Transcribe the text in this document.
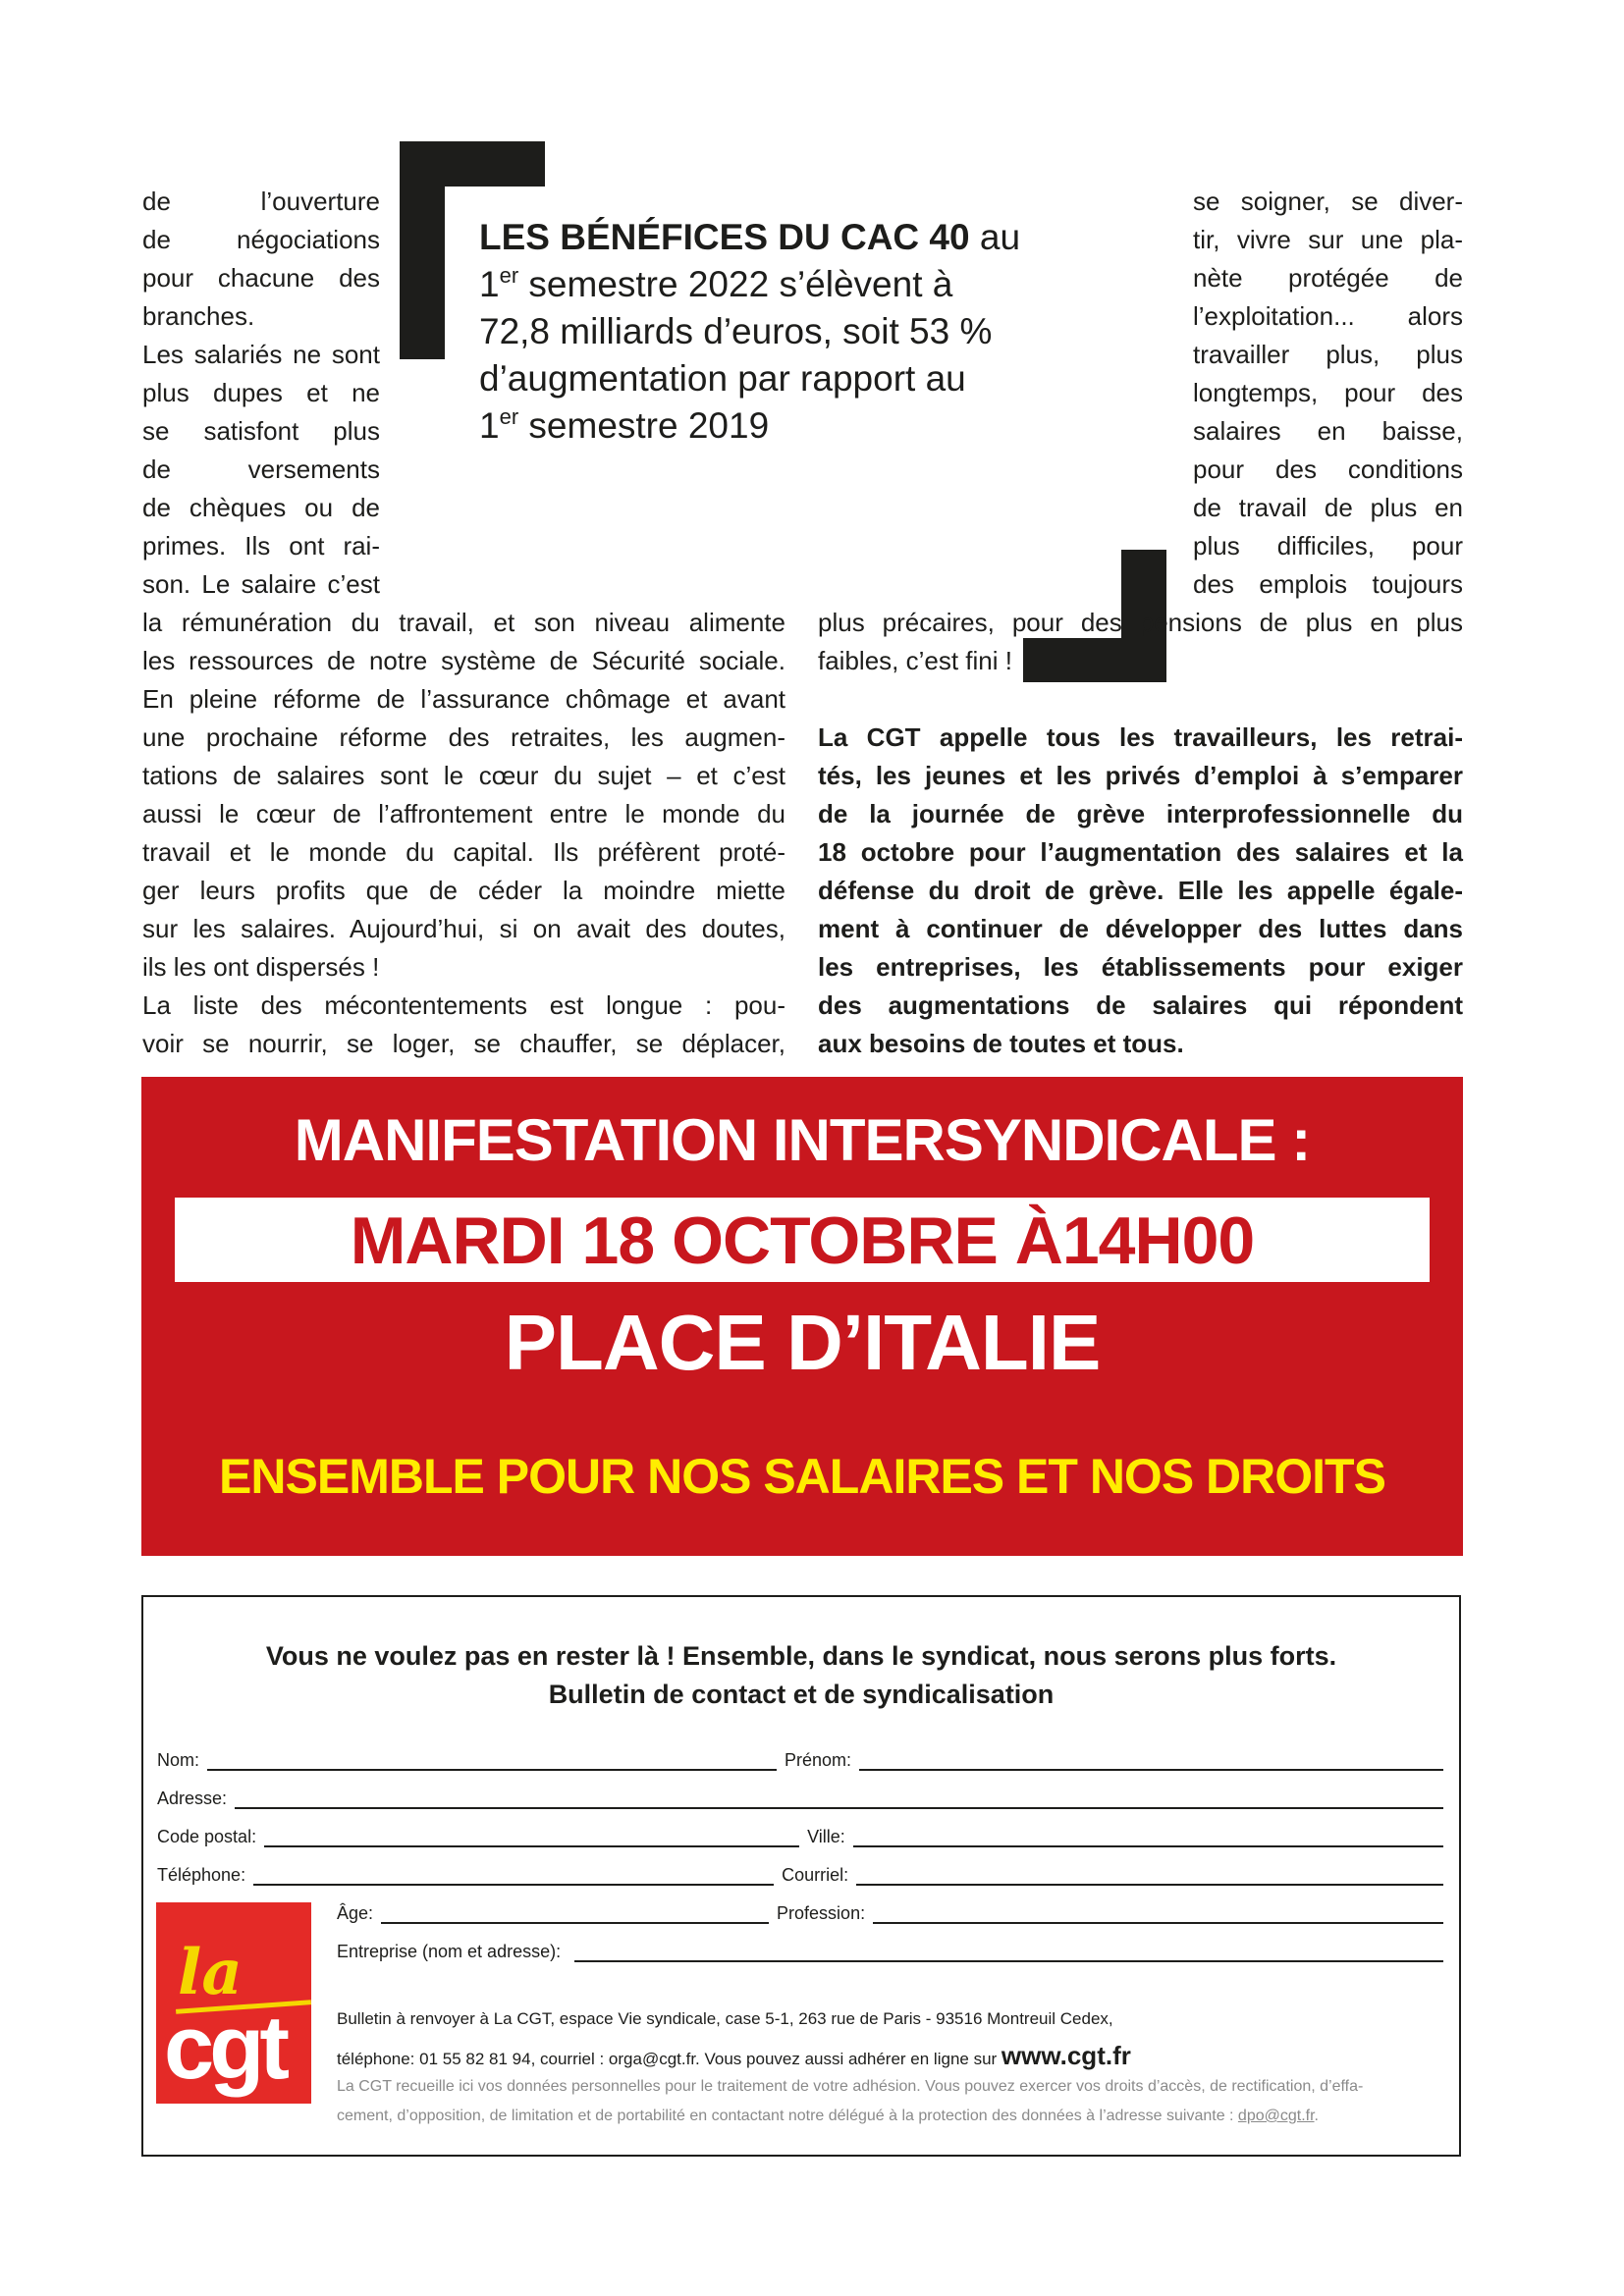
de l’ouverture
de négociations
pour chacune des
branches.
Les salariés ne sont
plus dupes et ne
se satisfont plus
de versements
de chèques ou de
primes. Ils ont rai-
son. Le salaire c’est
LES BÉNÉFICES DU CAC 40 au
1er semestre 2022 s’élèvent à
72,8 milliards d’euros, soit 53 %
d’augmentation par rapport au
1er semestre 2019
se soigner, se diver-
tir, vivre sur une pla-
nète protégée de
l’exploitation... alors
travailler plus, plus
longtemps, pour des
salaires en baisse,
pour des conditions
de travail de plus en
plus difficiles, pour
des emplois toujours
la rémunération du travail, et son niveau alimente
les ressources de notre système de Sécurité sociale.
En pleine réforme de l’assurance chômage et avant
une prochaine réforme des retraites, les augmen-
tations de salaires sont le cœur du sujet – et c’est
aussi le cœur de l’affrontement entre le monde du
travail et le monde du capital. Ils préfèrent proté-
ger leurs profits que de céder la moindre miette
sur les salaires. Aujourd’hui, si on avait des doutes,
ils les ont dispersés !
La liste des mécontentements est longue : pou-
voir se nourrir, se loger, se chauffer, se déplacer,
plus précaires, pour des pensions de plus en plus
faibles, c’est fini !
La CGT appelle tous les travailleurs, les retrai-
tés, les jeunes et les privés d’emploi à s’emparer
de la journée de grève interprofessionnelle du
18 octobre pour l’augmentation des salaires et la
défense du droit de grève. Elle les appelle égale-
ment à continuer de développer des luttes dans
les entreprises, les établissements pour exiger
des augmentations de salaires qui répondent
aux besoins de toutes et tous.
MANIFESTATION INTERSYNDICALE :
MARDI 18 OCTOBRE À14H00
PLACE D’ITALIE
ENSEMBLE POUR NOS SALAIRES ET NOS DROITS
Vous ne voulez pas en rester là ! Ensemble, dans le syndicat, nous serons plus forts.
Bulletin de contact et de syndicalisation
Nom:	Prénom:
Adresse:
Code postal:	Ville:
Téléphone:	Courriel:
la
cgt
Âge:	Profession:
Entreprise (nom et adresse):
Bulletin à renvoyer à La CGT, espace Vie syndicale, case 5-1, 263 rue de Paris - 93516 Montreuil Cedex,
téléphone: 01 55 82 81 94, courriel : orga@cgt.fr. Vous pouvez aussi adhérer en ligne sur www.cgt.fr
La CGT recueille ici vos données personnelles pour le traitement de votre adhésion. Vous pouvez exercer vos droits d’accès, de rectification, d’effa-
cement, d’opposition, de limitation et de portabilité en contactant notre délégué à la protection des données à l’adresse suivante : dpo@cgt.fr.
